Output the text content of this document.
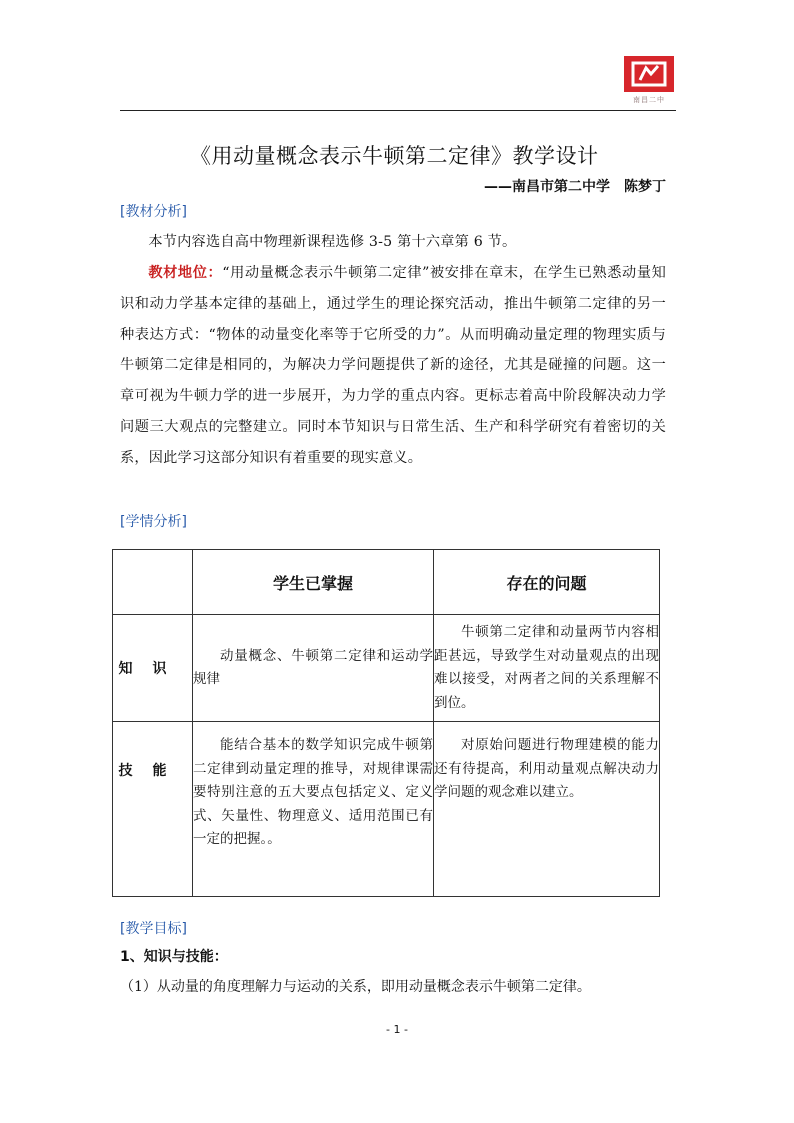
南昌二中
《用动量概念表示牛顿第二定律》教学设计
——南昌市第二中学　陈梦丁
[教材分析]
本节内容选自高中物理新课程选修 3-5 第十六章第 6 节。
教材地位：“用动量概念表示牛顿第二定律”被安排在章末，在学生已熟悉动量知识和动力学基本定律的基础上，通过学生的理论探究活动，推出牛顿第二定律的另一种表达方式：“物体的动量变化率等于它所受的力”。从而明确动量定理的物理实质与牛顿第二定律是相同的，为解决力学问题提供了新的途径，尤其是碰撞的问题。这一章可视为牛顿力学的进一步展开，为力学的重点内容。更标志着高中阶段解决动力学问题三大观点的完整建立。同时本节知识与日常生活、生产和科学研究有着密切的关系，因此学习这部分知识有着重要的现实意义。
[学情分析]
	学生已掌握	存在的问题
知识	动量概念、牛顿第二定律和运动学规律	牛顿第二定律和动量两节内容相距甚远，导致学生对动量观点的出现难以接受，对两者之间的关系理解不到位。
技能	能结合基本的数学知识完成牛顿第二定律到动量定理的推导，对规律课需要特别注意的五大要点包括定义、定义式、矢量性、物理意义、适用范围已有一定的把握。。	对原始问题进行物理建模的能力还有待提高，利用动量观点解决动力学问题的观念难以建立。
[教学目标]
1、知识与技能：
（1）从动量的角度理解力与运动的关系，即用动量概念表示牛顿第二定律。
- 1 -
